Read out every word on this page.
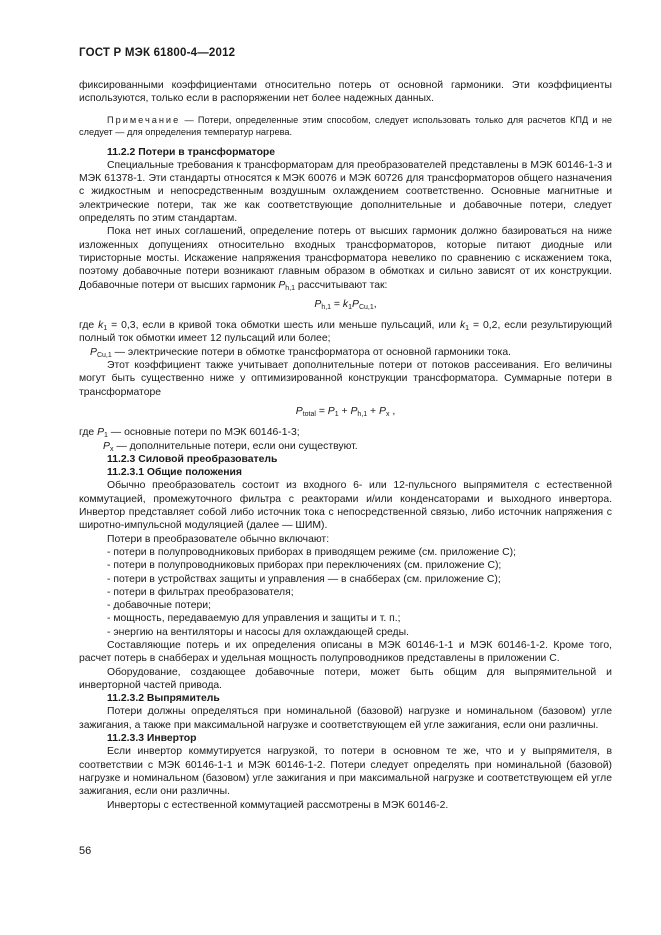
ГОСТ Р МЭК 61800-4—2012

фиксированными коэффициентами относительно потерь от основной гармоники. Эти коэффициенты используются, только если в распоряжении нет более надежных данных.

Примечание — Потери, определенные этим способом, следует использовать только для расчетов КПД и не следует — для определения температур нагрева.

11.2.2 Потери в трансформаторе

Специальные требования к трансформаторам для преобразователей представлены в МЭК 60146-1-3 и МЭК 61378-1. Эти стандарты относятся к МЭК 60076 и МЭК 60726 для трансформаторов общего назначения с жидкостным и непосредственным воздушным охлаждением соответственно. Основные магнитные и электрические потери, так же как соответствующие дополнительные и добавочные потери, следует определять по этим стандартам.

Пока нет иных соглашений, определение потерь от высших гармоник должно базироваться на ниже изложенных допущениях относительно входных трансформаторов, которые питают диодные или тиристорные мосты. Искажение напряжения трансформатора невелико по сравнению с искажением тока, поэтому добавочные потери возникают главным образом в обмотках и сильно зависят от их конструкции. Добавочные потери от высших гармоник $P_{h,1}$ рассчитывают так:

$P_{h,1} = k_1P_{Cu,1}$,

где $k_1 = 0,3$, если в кривой тока обмотки шесть или меньше пульсаций, или $k_1 = 0,2$, если результирующий полный ток обмотки имеет 12 пульсаций или более;

$P_{Cu,1}$ — электрические потери в обмотке трансформатора от основной гармоники тока.

Этот коэффициент также учитывает дополнительные потери от потоков рассеивания. Его величины могут быть существенно ниже у оптимизированной конструкции трансформатора. Суммарные потери в трансформаторе

$P_{total} = P_1 + P_{h,1} + P_x$ ,

где $P_1$ — основные потери по МЭК 60146-1-3;

$P_x$ — дополнительные потери, если они существуют.

11.2.3 Силовой преобразователь

11.2.3.1 Общие положения

Обычно преобразователь состоит из входного 6- или 12-пульсного выпрямителя с естественной коммутацией, промежуточного фильтра с реакторами и/или конденсаторами и выходного инвертора. Инвертор представляет собой либо источник тока с непосредственной связью, либо источник напряжения с широтно-импульсной модуляцией (далее — ШИМ).

Потери в преобразователе обычно включают:

- потери в полупроводниковых приборах в приводящем режиме (см. приложение С);

- потери в полупроводниковых приборах при переключениях (см. приложение С);

- потери в устройствах защиты и управления — в снабберах (см. приложение С);

- потери в фильтрах преобразователя;

- добавочные потери;

- мощность, передаваемую для управления и защиты и т. п.;

- энергию на вентиляторы и насосы для охлаждающей среды.

Составляющие потерь и их определения описаны в МЭК 60146-1-1 и МЭК 60146-1-2. Кроме того, расчет потерь в снабберах и удельная мощность полупроводников представлены в приложении С.

Оборудование, создающее добавочные потери, может быть общим для выпрямительной и инверторной частей привода.

11.2.3.2 Выпрямитель

Потери должны определяться при номинальной (базовой) нагрузке и номинальном (базовом) угле зажигания, а также при максимальной нагрузке и соответствующем ей угле зажигания, если они различны.

11.2.3.3 Инвертор

Если инвертор коммутируется нагрузкой, то потери в основном те же, что и у выпрямителя, в соответствии с МЭК 60146-1-1 и МЭК 60146-1-2. Потери следует определять при номинальной (базовой) нагрузке и номинальном (базовом) угле зажигания и при максимальной нагрузке и соответствующем ей угле зажигания, если они различны.

Инверторы с естественной коммутацией рассмотрены в МЭК 60146-2.

56
